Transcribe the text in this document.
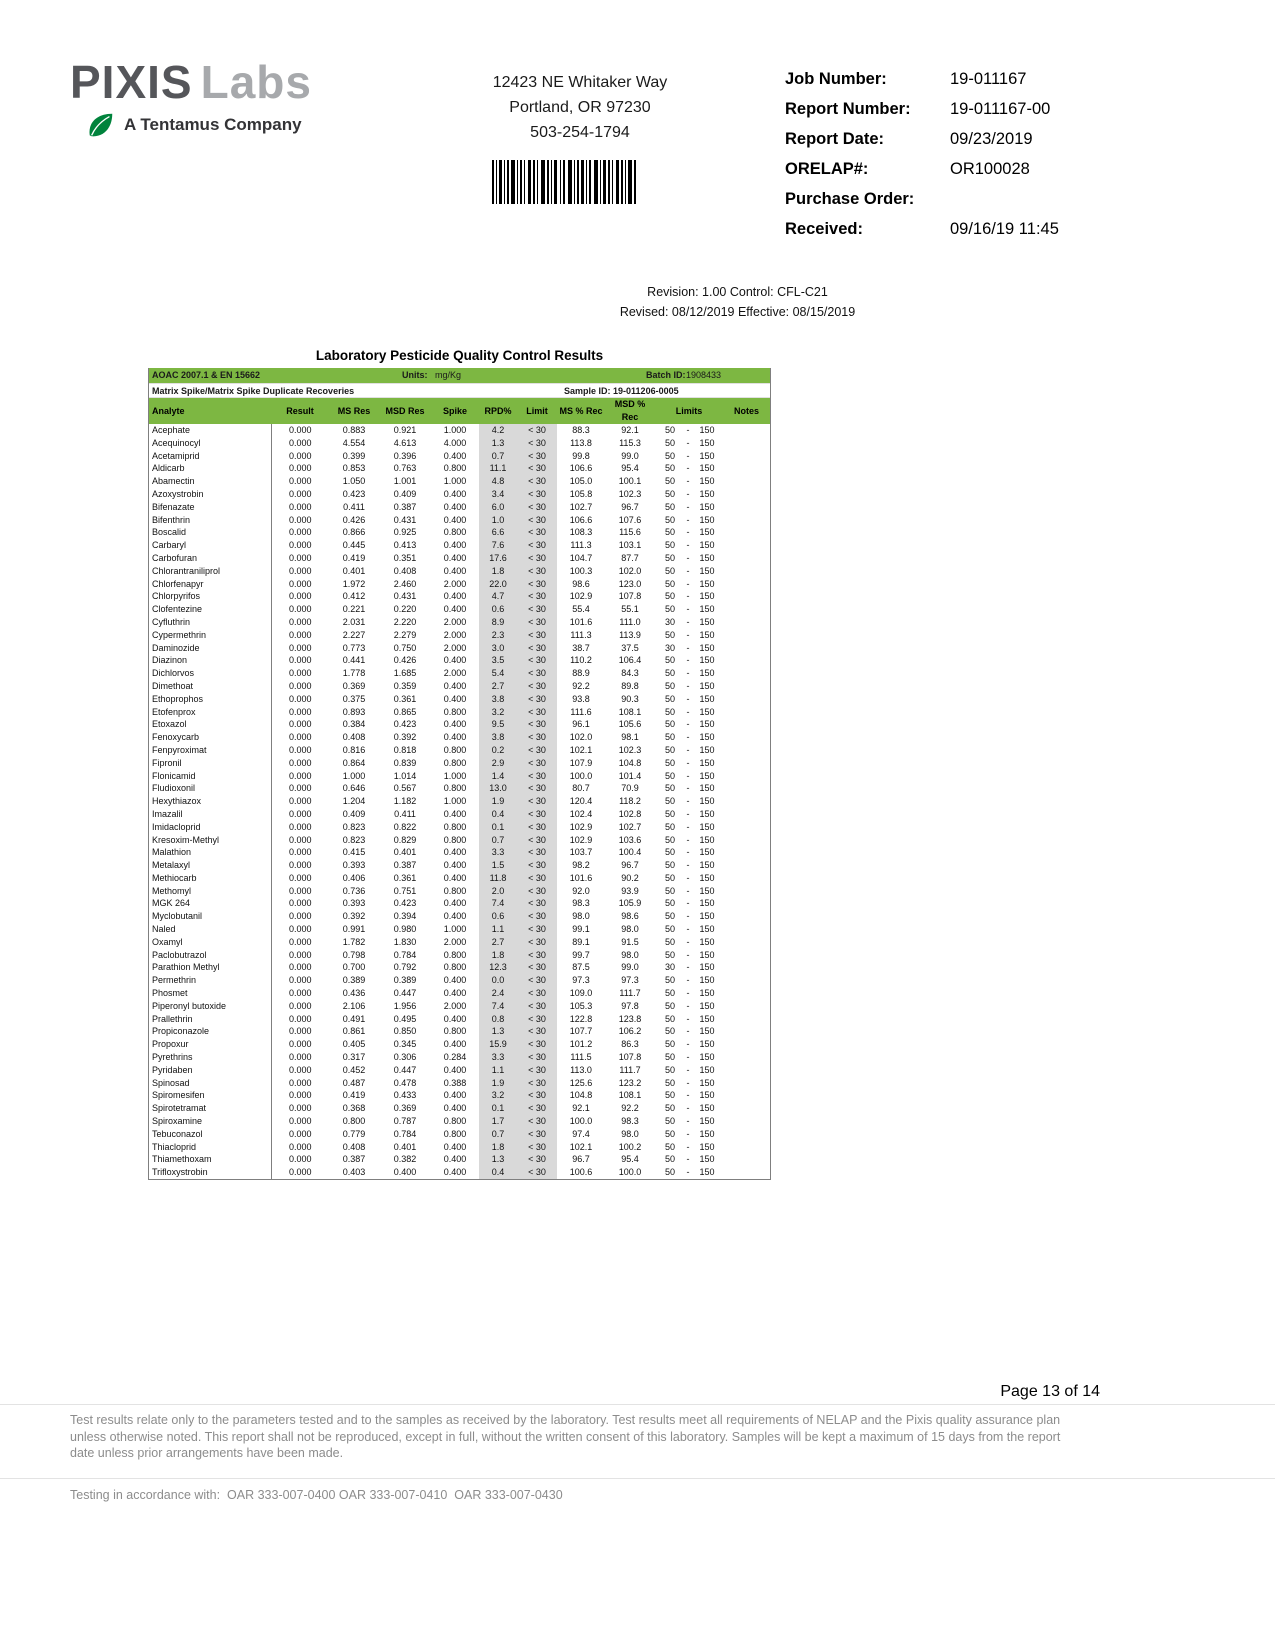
PIXIS Labs
A Tentamus Company
12423 NE Whitaker Way
Portland, OR 97230
503-254-1794
Job Number:	19-011167
Report Number:	19-011167-00
Report Date:	09/23/2019
ORELAP#:	OR100028
Purchase Order:
Received:	09/16/19 11:45
Revision: 1.00 Control: CFL-C21
Revised: 08/12/2019 Effective: 08/15/2019
Laboratory Pesticide Quality Control Results
AOAC 2007.1 & EN 15662	Units: mg/Kg	Batch ID: 1908433
Matrix Spike/Matrix Spike Duplicate Recoveries	Sample ID: 19-011206-0005
Analyte	Result	MS Res	MSD Res	Spike	RPD%	Limit	MS % Rec	MSD % Rec	Limits	Notes
Acephate	0.000	0.883	0.921	1.000	4.2	< 30	88.3	92.1	50 - 150	
Acequinocyl	0.000	4.554	4.613	4.000	1.3	< 30	113.8	115.3	50 - 150	
Acetamiprid	0.000	0.399	0.396	0.400	0.7	< 30	99.8	99.0	50 - 150	
Aldicarb	0.000	0.853	0.763	0.800	11.1	< 30	106.6	95.4	50 - 150	
Abamectin	0.000	1.050	1.001	1.000	4.8	< 30	105.0	100.1	50 - 150	
Azoxystrobin	0.000	0.423	0.409	0.400	3.4	< 30	105.8	102.3	50 - 150	
Bifenazate	0.000	0.411	0.387	0.400	6.0	< 30	102.7	96.7	50 - 150	
Bifenthrin	0.000	0.426	0.431	0.400	1.0	< 30	106.6	107.6	50 - 150	
Boscalid	0.000	0.866	0.925	0.800	6.6	< 30	108.3	115.6	50 - 150	
Carbaryl	0.000	0.445	0.413	0.400	7.6	< 30	111.3	103.1	50 - 150	
Carbofuran	0.000	0.419	0.351	0.400	17.6	< 30	104.7	87.7	50 - 150	
Chlorantraniliprol	0.000	0.401	0.408	0.400	1.8	< 30	100.3	102.0	50 - 150	
Chlorfenapyr	0.000	1.972	2.460	2.000	22.0	< 30	98.6	123.0	50 - 150	
Chlorpyrifos	0.000	0.412	0.431	0.400	4.7	< 30	102.9	107.8	50 - 150	
Clofentezine	0.000	0.221	0.220	0.400	0.6	< 30	55.4	55.1	50 - 150	
Cyfluthrin	0.000	2.031	2.220	2.000	8.9	< 30	101.6	111.0	30 - 150	
Cypermethrin	0.000	2.227	2.279	2.000	2.3	< 30	111.3	113.9	50 - 150	
Daminozide	0.000	0.773	0.750	2.000	3.0	< 30	38.7	37.5	30 - 150	
Diazinon	0.000	0.441	0.426	0.400	3.5	< 30	110.2	106.4	50 - 150	
Dichlorvos	0.000	1.778	1.685	2.000	5.4	< 30	88.9	84.3	50 - 150	
Dimethoat	0.000	0.369	0.359	0.400	2.7	< 30	92.2	89.8	50 - 150	
Ethoprophos	0.000	0.375	0.361	0.400	3.8	< 30	93.8	90.3	50 - 150	
Etofenprox	0.000	0.893	0.865	0.800	3.2	< 30	111.6	108.1	50 - 150	
Etoxazol	0.000	0.384	0.423	0.400	9.5	< 30	96.1	105.6	50 - 150	
Fenoxycarb	0.000	0.408	0.392	0.400	3.8	< 30	102.0	98.1	50 - 150	
Fenpyroximat	0.000	0.816	0.818	0.800	0.2	< 30	102.1	102.3	50 - 150	
Fipronil	0.000	0.864	0.839	0.800	2.9	< 30	107.9	104.8	50 - 150	
Flonicamid	0.000	1.000	1.014	1.000	1.4	< 30	100.0	101.4	50 - 150	
Fludioxonil	0.000	0.646	0.567	0.800	13.0	< 30	80.7	70.9	50 - 150	
Hexythiazox	0.000	1.204	1.182	1.000	1.9	< 30	120.4	118.2	50 - 150	
Imazalil	0.000	0.409	0.411	0.400	0.4	< 30	102.4	102.8	50 - 150	
Imidacloprid	0.000	0.823	0.822	0.800	0.1	< 30	102.9	102.7	50 - 150	
Kresoxim-Methyl	0.000	0.823	0.829	0.800	0.7	< 30	102.9	103.6	50 - 150	
Malathion	0.000	0.415	0.401	0.400	3.3	< 30	103.7	100.4	50 - 150	
Metalaxyl	0.000	0.393	0.387	0.400	1.5	< 30	98.2	96.7	50 - 150	
Methiocarb	0.000	0.406	0.361	0.400	11.8	< 30	101.6	90.2	50 - 150	
Methomyl	0.000	0.736	0.751	0.800	2.0	< 30	92.0	93.9	50 - 150	
MGK 264	0.000	0.393	0.423	0.400	7.4	< 30	98.3	105.9	50 - 150	
Myclobutanil	0.000	0.392	0.394	0.400	0.6	< 30	98.0	98.6	50 - 150	
Naled	0.000	0.991	0.980	1.000	1.1	< 30	99.1	98.0	50 - 150	
Oxamyl	0.000	1.782	1.830	2.000	2.7	< 30	89.1	91.5	50 - 150	
Paclobutrazol	0.000	0.798	0.784	0.800	1.8	< 30	99.7	98.0	50 - 150	
Parathion Methyl	0.000	0.700	0.792	0.800	12.3	< 30	87.5	99.0	30 - 150	
Permethrin	0.000	0.389	0.389	0.400	0.0	< 30	97.3	97.3	50 - 150	
Phosmet	0.000	0.436	0.447	0.400	2.4	< 30	109.0	111.7	50 - 150	
Piperonyl butoxide	0.000	2.106	1.956	2.000	7.4	< 30	105.3	97.8	50 - 150	
Prallethrin	0.000	0.491	0.495	0.400	0.8	< 30	122.8	123.8	50 - 150	
Propiconazole	0.000	0.861	0.850	0.800	1.3	< 30	107.7	106.2	50 - 150	
Propoxur	0.000	0.405	0.345	0.400	15.9	< 30	101.2	86.3	50 - 150	
Pyrethrins	0.000	0.317	0.306	0.284	3.3	< 30	111.5	107.8	50 - 150	
Pyridaben	0.000	0.452	0.447	0.400	1.1	< 30	113.0	111.7	50 - 150	
Spinosad	0.000	0.487	0.478	0.388	1.9	< 30	125.6	123.2	50 - 150	
Spiromesifen	0.000	0.419	0.433	0.400	3.2	< 30	104.8	108.1	50 - 150	
Spirotetramat	0.000	0.368	0.369	0.400	0.1	< 30	92.1	92.2	50 - 150	
Spiroxamine	0.000	0.800	0.787	0.800	1.7	< 30	100.0	98.3	50 - 150	
Tebuconazol	0.000	0.779	0.784	0.800	0.7	< 30	97.4	98.0	50 - 150	
Thiacloprid	0.000	0.408	0.401	0.400	1.8	< 30	102.1	100.2	50 - 150	
Thiamethoxam	0.000	0.387	0.382	0.400	1.3	< 30	96.7	95.4	50 - 150	
Trifloxystrobin	0.000	0.403	0.400	0.400	0.4	< 30	100.6	100.0	50 - 150	
Page 13 of 14
Test results relate only to the parameters tested and to the samples as received by the laboratory. Test results meet all requirements of NELAP and the Pixis quality assurance plan unless otherwise noted. This report shall not be reproduced, except in full, without the written consent of this laboratory. Samples will be kept a maximum of 15 days from the report date unless prior arrangements have been made.
Testing in accordance with:  OAR 333-007-0400 OAR 333-007-0410  OAR 333-007-0430
